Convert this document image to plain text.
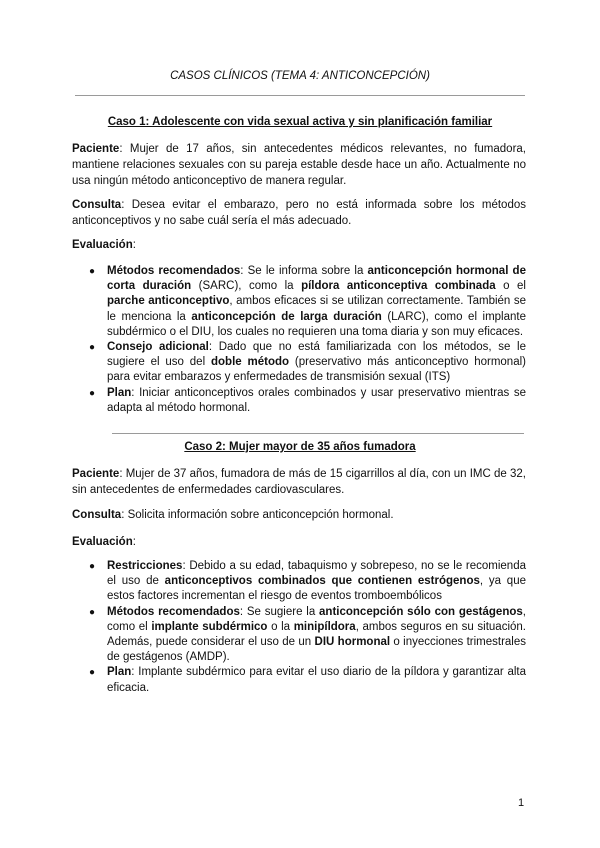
CASOS CLÍNICOS (TEMA 4: ANTICONCEPCIÓN)
Caso 1: Adolescente con vida sexual activa y sin planificación familiar
Paciente: Mujer de 17 años, sin antecedentes médicos relevantes, no fumadora, mantiene relaciones sexuales con su pareja estable desde hace un año. Actualmente no usa ningún método anticonceptivo de manera regular.
Consulta: Desea evitar el embarazo, pero no está informada sobre los métodos anticonceptivos y no sabe cuál sería el más adecuado.
Evaluación:
● Métodos recomendados: Se le informa sobre la anticoncepción hormonal de corta duración (SARC), como la píldora anticonceptiva combinada o el parche anticonceptivo, ambos eficaces si se utilizan correctamente. También se le menciona la anticoncepción de larga duración (LARC), como el implante subdérmico o el DIU, los cuales no requieren una toma diaria y son muy eficaces.
● Consejo adicional: Dado que no está familiarizada con los métodos, se le sugiere el uso del doble método (preservativo más anticonceptivo hormonal) para evitar embarazos y enfermedades de transmisión sexual (ITS)
● Plan: Iniciar anticonceptivos orales combinados y usar preservativo mientras se adapta al método hormonal.
Caso 2: Mujer mayor de 35 años fumadora
Paciente: Mujer de 37 años, fumadora de más de 15 cigarrillos al día, con un IMC de 32, sin antecedentes de enfermedades cardiovasculares.
Consulta: Solicita información sobre anticoncepción hormonal.
Evaluación:
● Restricciones: Debido a su edad, tabaquismo y sobrepeso, no se le recomienda el uso de anticonceptivos combinados que contienen estrógenos, ya que estos factores incrementan el riesgo de eventos tromboembólicos
● Métodos recomendados: Se sugiere la anticoncepción sólo con gestágenos, como el implante subdérmico o la minipíldora, ambos seguros en su situación. Además, puede considerar el uso de un DIU hormonal o inyecciones trimestrales de gestágenos (AMDP).
● Plan: Implante subdérmico para evitar el uso diario de la píldora y garantizar alta eficacia.
1
